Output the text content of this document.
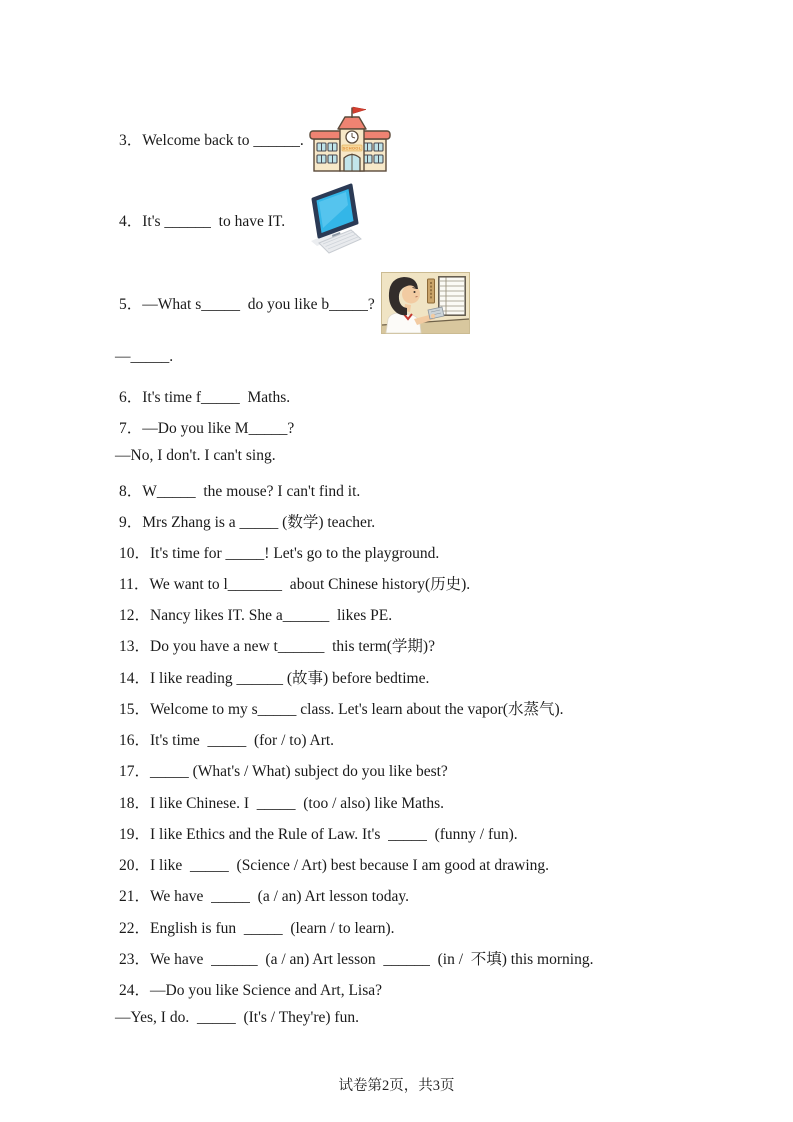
3．Welcome back to ______.	SCHOOL
4．It's ______  to have IT.
5．—What s_____  do you like b_____?
—_____.
6．It's time f_____  Maths.
7．—Do you like M_____?
—No, I don't. I can't sing.
8．W_____  the mouse? I can't find it.
9．Mrs Zhang is a _____ (数学) teacher.
10．It's time for _____! Let's go to the playground.
11．We want to l_______  about Chinese history(历史).
12．Nancy likes IT. She a______  likes PE.
13．Do you have a new t______  this term(学期)?
14．I like reading ______ (故事) before bedtime.
15．Welcome to my s_____ class. Let's learn about the vapor(水蒸气).
16．It's time  _____  (for / to) Art.
17．_____ (What's / What) subject do you like best?
18．I like Chinese. I  _____  (too / also) like Maths.
19．I like Ethics and the Rule of Law. It's  _____  (funny / fun).
20．I like  _____  (Science / Art) best because I am good at drawing.
21．We have  _____  (a / an) Art lesson today.
22．English is fun  _____  (learn / to learn).
23．We have  ______  (a / an) Art lesson  ______  (in /  不填) this morning.
24．—Do you like Science and Art, Lisa?
—Yes, I do.  _____  (It's / They're) fun.
试卷第2页，共3页
